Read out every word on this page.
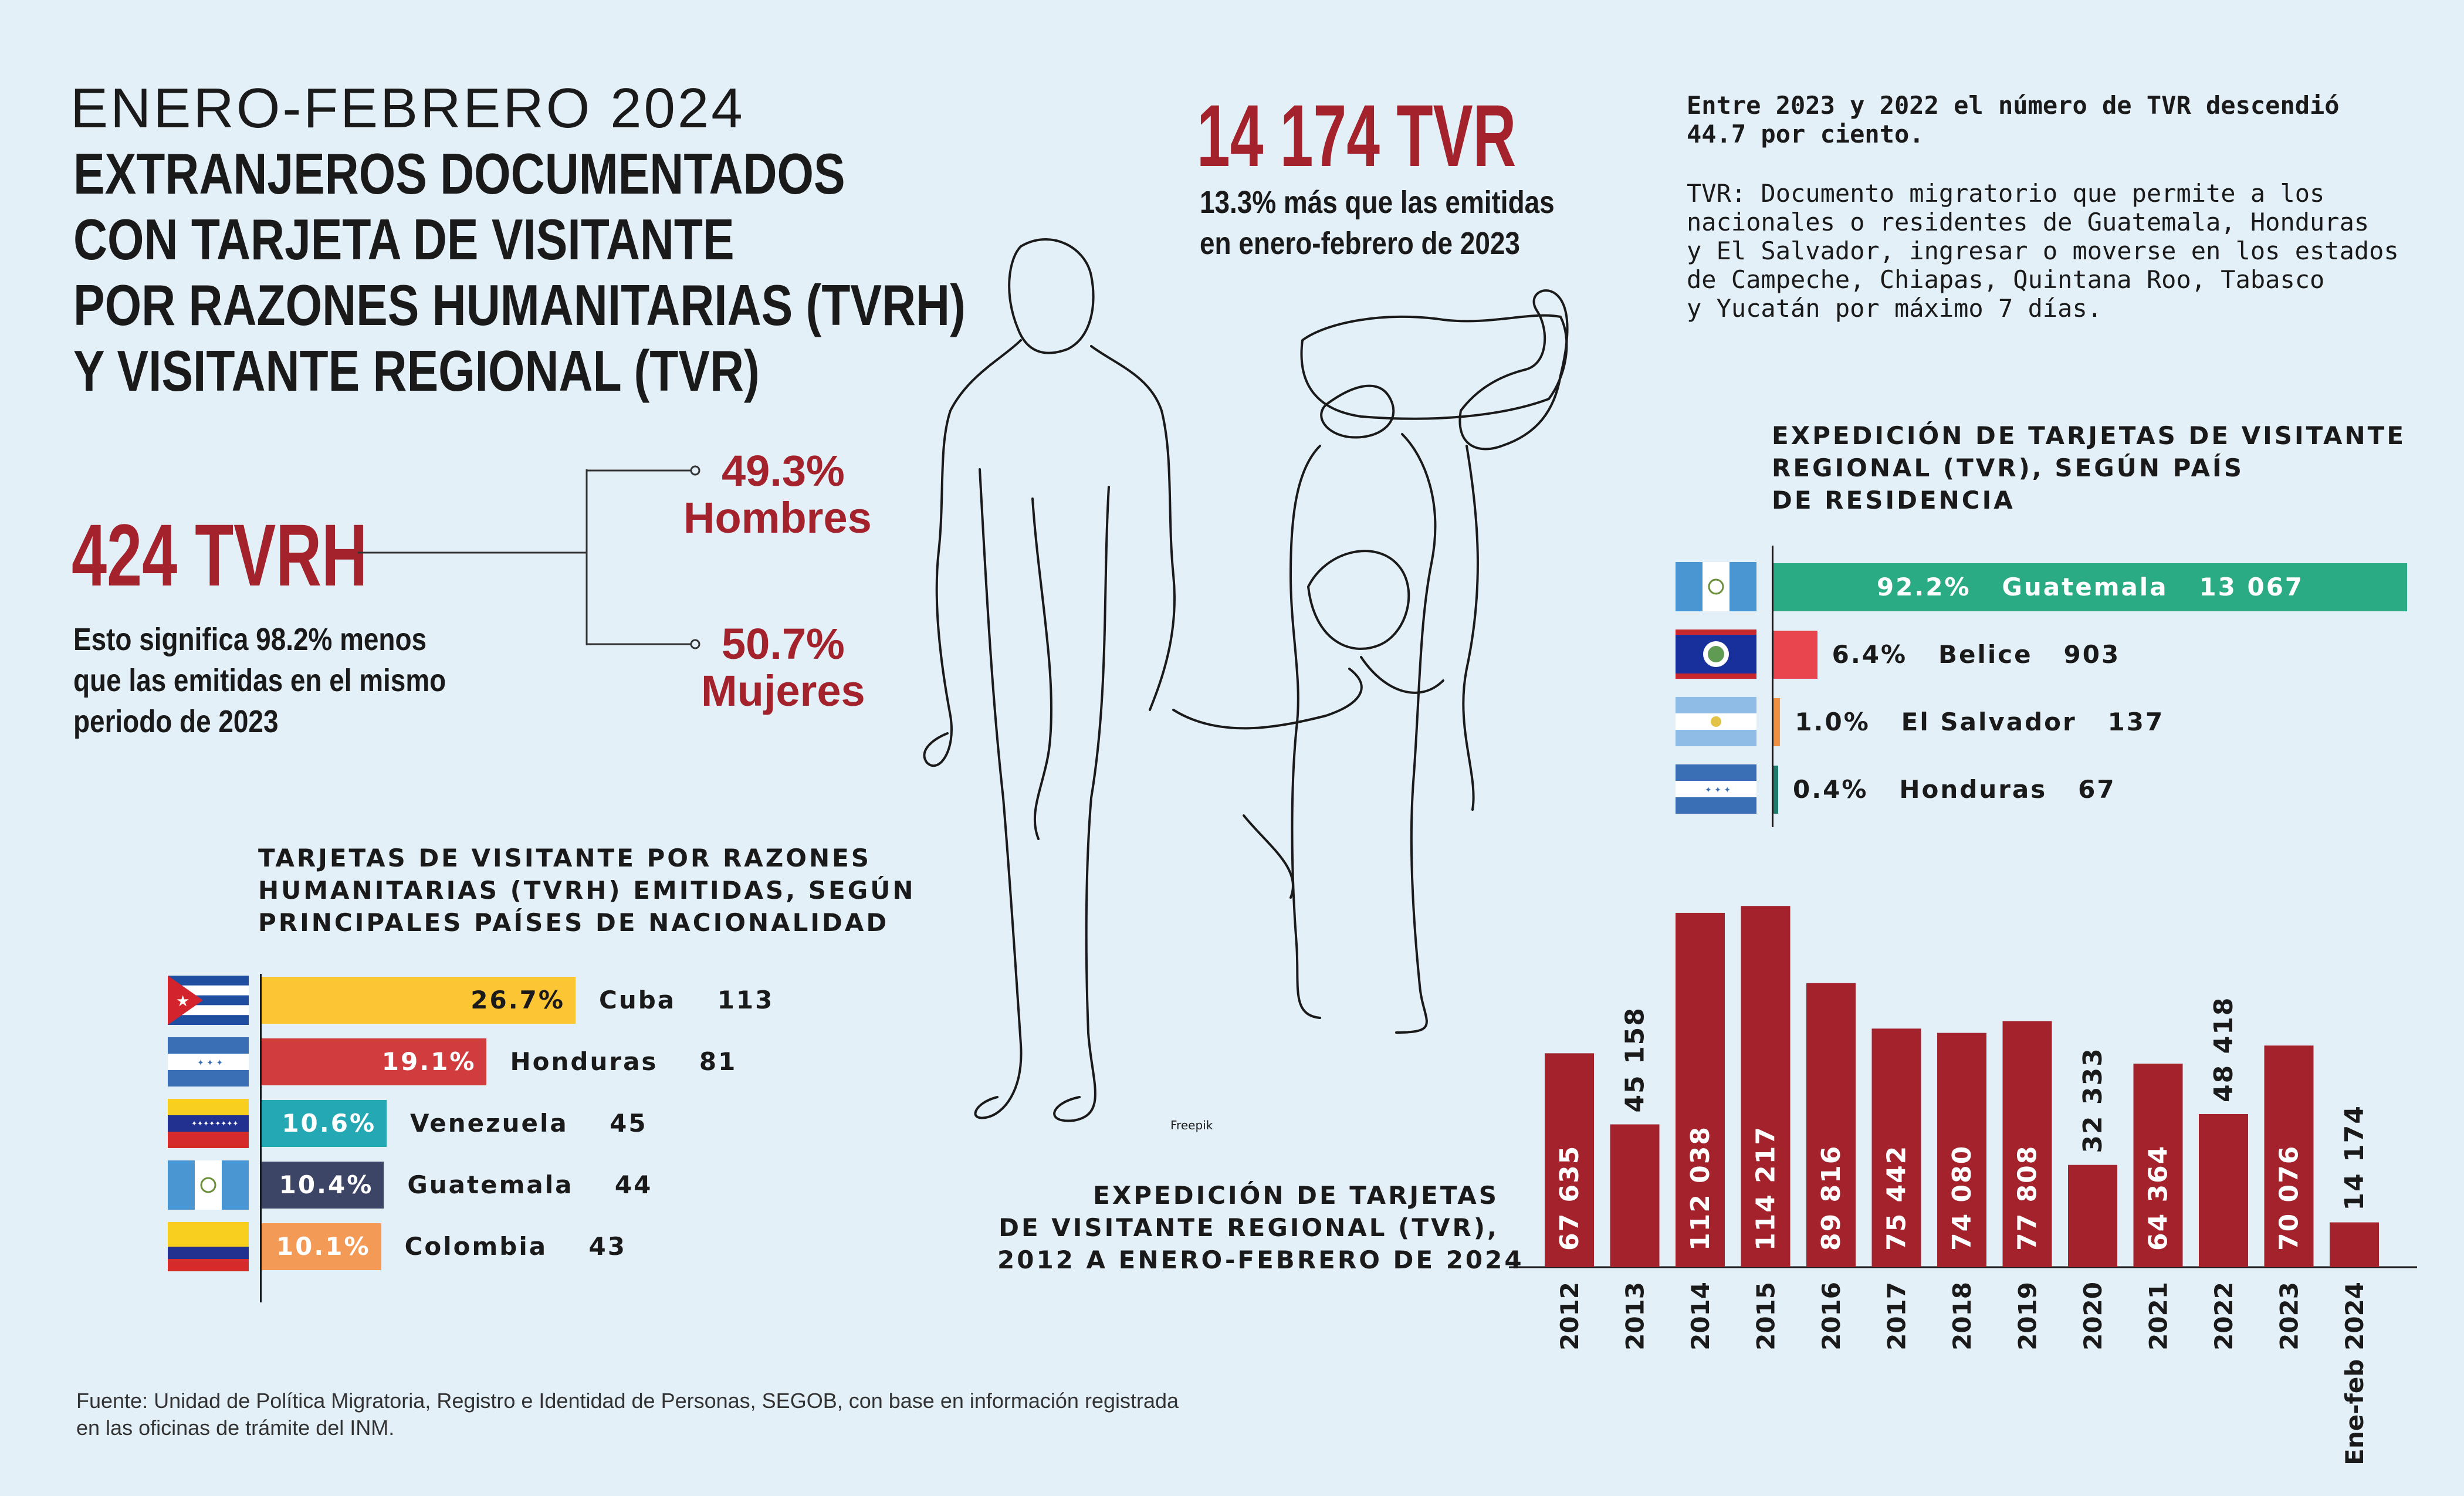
ENERO-FEBRERO 2024
EXTRANJEROS DOCUMENTADOS
CON TARJETA DE VISITANTE
POR RAZONES HUMANITARIAS (TVRH)
Y VISITANTE REGIONAL (TVR)
424 TVRH
Esto significa 98.2% menos
que las emitidas en el mismo
periodo de 2023
49.3%
Hombres
50.7%
Mujeres
14 174 TVR
13.3% más que las emitidas
en enero-febrero de 2023
Entre 2023 y 2022 el número de TVR descendió
44.7 por ciento.
TVR: Documento migratorio que permite a los
nacionales o residentes de Guatemala, Honduras
y El Salvador, ingresar o moverse en los estados
de Campeche, Chiapas, Quintana Roo, Tabasco
y Yucatán por máximo 7 días.
Freepik
TARJETAS DE VISITANTE POR RAZONES
HUMANITARIAS (TVRH) EMITIDAS, SEGÚN
PRINCIPALES PAÍSES DE NACIONALIDAD
★	26.7% Cuba    113
✦ ✦ ✦	19.1% Honduras    81
✦✦✦✦✦✦✦✦ 10.6% Venezuela    45
10.4% Guatemala    44
10.1% Colombia    43
EXPEDICIÓN DE TARJETAS DE VISITANTE
REGIONAL (TVR), SEGÚN PAÍS
DE RESIDENCIA
92.2%   Guatemala   13 067
6.4%   Belice   903
1.0%   El Salvador   137
✦ ✦ ✦	0.4%   Honduras   67
EXPEDICIÓN DE TARJETAS
DE VISITANTE REGIONAL (TVR),
2012 A ENERO-FEBRERO DE 2024
67 635
2012
45 158
2013
112 038
2014
114 217
2015
89 816
2016
75 442
2017
74 080
2018
77 808
2019
32 333
2020
64 364
2021
48 418
2022
70 076
2023
14 174
Ene-feb 2024
Fuente: Unidad de Política Migratoria, Registro e Identidad de Personas, SEGOB, con base en información registrada
en las oficinas de trámite del INM.
